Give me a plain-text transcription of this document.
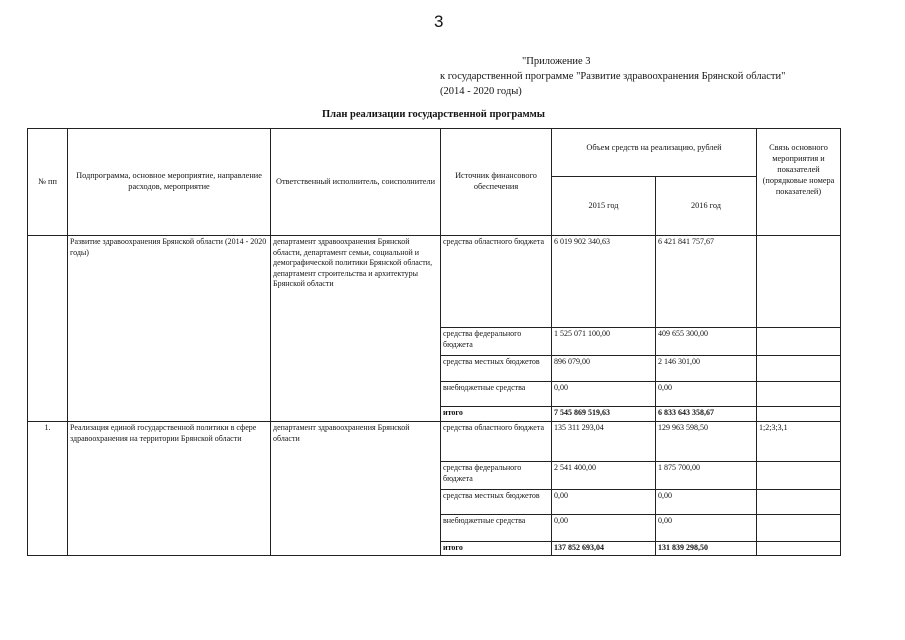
3
"Приложение 3
к государственной программе "Развитие здравоохранения Брянской области"
(2014 - 2020 годы)
План реализации государственной программы
№ пп	Подпрограмма, основное мероприятие, направление расходов, мероприятие	Ответственный исполнитель, соисполнители	Источник финансового обеспечения	Объем средств на реализацию, рублей		Связь основного мероприятия и показателей (порядковые номера показателей)
				2015 год	2016 год	
	Развитие здравоохранения Брянской области (2014 - 2020 годы)	департамент здравоохранения Брянской области, департамент семьи, социальной и демографической политики Брянской области, департамент строительства и архитектуры Брянской области	средства областного бюджета	6 019 902 340,63	6 421 841 757,67	
			средства федерального бюджета	1 525 071 100,00	409 655 300,00	
			средства местных бюджетов	896 079,00	2 146 301,00	
			внебюджетные средства	0,00	0,00	
			итого	7 545 869 519,63	6 833 643 358,67	
1.	Реализация единой государственной политики в сфере здравоохранения на территории Брянской области	департамент здравоохранения Брянской области	средства областного бюджета	135 311 293,04	129 963 598,50	1;2;3;3,1
			средства федерального бюджета	2 541 400,00	1 875 700,00	
			средства местных бюджетов	0,00	0,00	
			внебюджетные средства	0,00	0,00	
			итого	137 852 693,04	131 839 298,50	
